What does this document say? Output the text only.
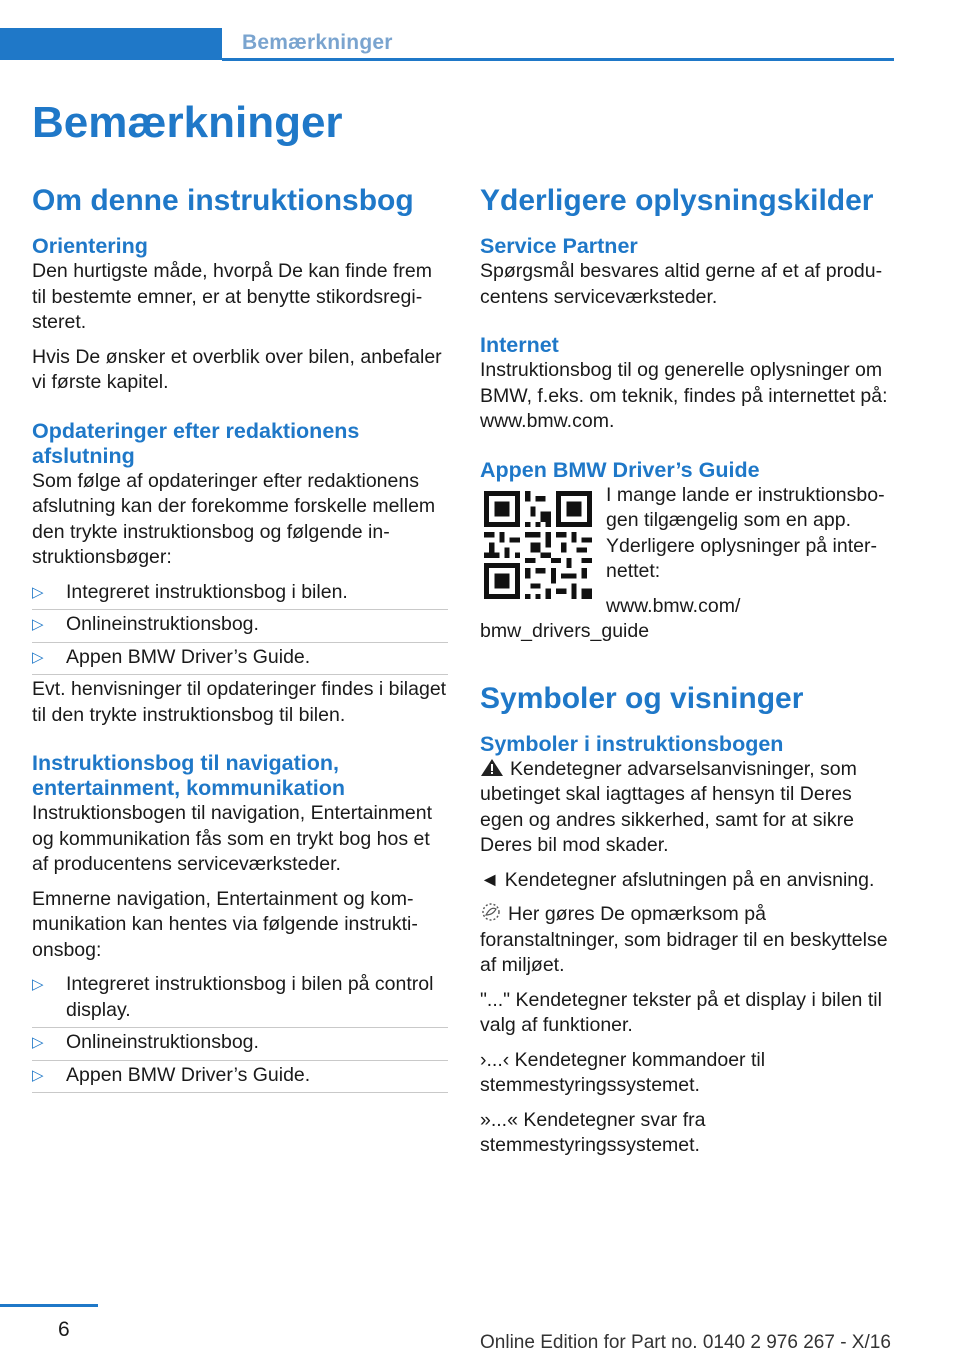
Bemærkninger
Bemærkninger
Om denne instruktionsbog
Orientering

Den hurtigste måde, hvorpå De kan finde frem til bestemte emner, er at benytte stikordsregisteret.

Hvis De ønsker et overblik over bilen, anbefaler vi første kapitel.

Opdateringer efter redaktionens afslutning

Som følge af opdateringer efter redaktionens afslutning kan der forekomme forskelle mellem den trykte instruktionsbog og følgende instruktionsbøger:

▷ Integreret instruktionsbog i bilen.
▷ Onlineinstruktionsbog.
▷ Appen BMW Driver’s Guide.

Evt. henvisninger til opdateringer findes i bilaget til den trykte instruktionsbog til bilen.

Instruktionsbog til navigation, entertainment, kommunikation

Instruktionsbogen til navigation, Entertainment og kommunikation fås som en trykt bog hos et af producentens serviceværksteder.

Emnerne navigation, Entertainment og kommunikation kan hentes via følgende instruktionsbog:

▷ Integreret instruktionsbog i bilen på control display.
▷ Onlineinstruktionsbog.
▷ Appen BMW Driver’s Guide.
Yderligere oplysningskilder
Service Partner

Spørgsmål besvares altid gerne af et af producentens serviceværksteder.

Internet

Instruktionsbog til og generelle oplysninger om BMW, f.eks. om teknik, findes på internettet på: www.bmw.com.

Appen BMW Driver’s Guide

I mange lande er instruktionsbogen tilgængelig som en app. Yderligere oplysninger på internettet:

www.bmw.com/ bmw_drivers_guide

Symboler og visninger
Symboler i instruktionsbogen

Kendetegner advarselsanvisninger, som ubetinget skal iagttages af hensyn til Deres egen og andres sikkerhed, samt for at sikre Deres bil mod skader.

◄ Kendetegner afslutningen på en anvisning.

Her gøres De opmærksom på foranstaltninger, som bidrager til en beskyttelse af miljøet.

"..." Kendetegner tekster på et display i bilen til valg af funktioner.

›...‹ Kendetegner kommandoer til stemmestyringssystemet.

»...« Kendetegner svar fra stemmestyringssystemet.

6
Online Edition for Part no. 0140 2 976 267 - X/16
